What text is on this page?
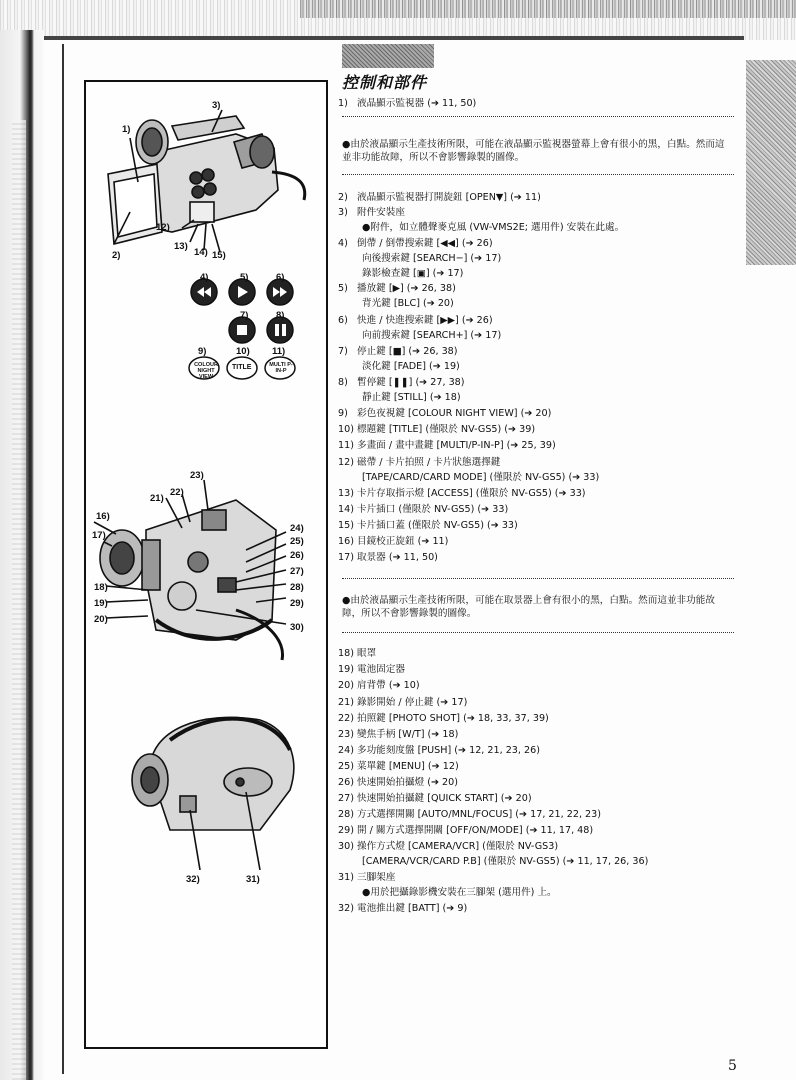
控制和部件
COLOUR NIGHT VIEW
TITLE	MULTI P-IN-P
3)
1)
2)
12)
13)
14) 15)
4)	5)	6)
7)	8)
9)	10) 11)
23)
21)
22)
16)
17)
18)
19)
20)
24)
25)
26)
27)
28)
29)
30)
32)	31)
1) 液晶顯示監視器 (➔ 11, 50)
●由於液晶顯示生產技術所限，可能在液晶顯示監視器螢幕上會有很小的黑，白點。然而這並非功能故障，所以不會影響錄製的圖像。
2) 液晶顯示監視器打開旋鈕 [OPEN▼] (➔ 11)
3) 附件安裝座
●附件，如立體聲麥克風 (VW-VMS2E; 選用件) 安裝在此處。
4) 倒帶 / 倒帶搜索鍵 [◀◀] (➔ 26)
向後搜索鍵 [SEARCH−] (➔ 17)
錄影檢查鍵 [▣] (➔ 17)
5) 播放鍵 [▶] (➔ 26, 38)
背光鍵 [BLC] (➔ 20)
6) 快進 / 快進搜索鍵 [▶▶] (➔ 26)
向前搜索鍵 [SEARCH+] (➔ 17)
7) 停止鍵 [■] (➔ 26, 38)
淡化鍵 [FADE] (➔ 19)
8) 暫停鍵 [❚❚] (➔ 27, 38)
靜止鍵 [STILL] (➔ 18)
9) 彩色夜視鍵 [COLOUR NIGHT VIEW] (➔ 20)
10) 標題鍵 [TITLE] (僅限於 NV-GS5) (➔ 39)
11) 多畫面 / 畫中畫鍵 [MULTI/P-IN-P] (➔ 25, 39)
12) 磁帶 / 卡片拍照 / 卡片狀態選擇鍵
[TAPE/CARD/CARD MODE] (僅限於 NV-GS5) (➔ 33)
13) 卡片存取指示燈 [ACCESS] (僅限於 NV-GS5) (➔ 33)
14) 卡片插口 (僅限於 NV-GS5) (➔ 33)
15) 卡片插口蓋 (僅限於 NV-GS5) (➔ 33)
16) 目鏡校正旋鈕 (➔ 11)
17) 取景器 (➔ 11, 50)
●由於液晶顯示生產技術所限，可能在取景器上會有很小的黑，白點。然而這並非功能故障，所以不會影響錄製的圖像。
18) 眼罩
19) 電池固定器
20) 肩背帶 (➔ 10)
21) 錄影開始 / 停止鍵 (➔ 17)
22) 拍照鍵 [PHOTO SHOT] (➔ 18, 33, 37, 39)
23) 變焦手柄 [W/T] (➔ 18)
24) 多功能刻度盤 [PUSH] (➔ 12, 21, 23, 26)
25) 菜單鍵 [MENU] (➔ 12)
26) 快速開始拍攝燈 (➔ 20)
27) 快速開始拍攝鍵 [QUICK START] (➔ 20)
28) 方式選擇開關 [AUTO/MNL/FOCUS] (➔ 17, 21, 22, 23)
29) 開 / 關方式選擇開關 [OFF/ON/MODE] (➔ 11, 17, 48)
30) 操作方式燈 [CAMERA/VCR] (僅限於 NV-GS3)
[CAMERA/VCR/CARD P.B] (僅限於 NV-GS5) (➔ 11, 17, 26, 36)
31) 三腳架座
●用於把攝錄影機安裝在三腳架 (選用件) 上。
32) 電池推出鍵 [BATT] (➔ 9)
5
